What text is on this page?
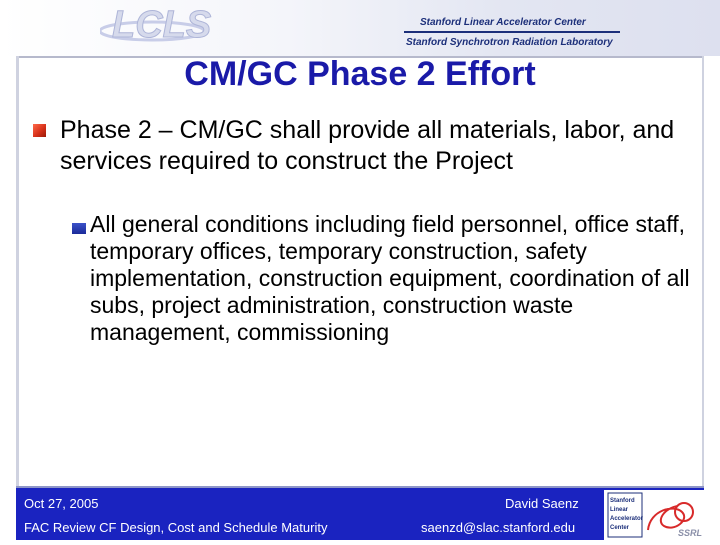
LCLS	Stanford Linear Accelerator Center
Stanford Synchrotron Radiation Laboratory
CM/GC Phase 2 Effort
Phase 2 – CM/GC shall provide all materials, labor, and services required to construct the Project
All general conditions including field personnel, office staff, temporary offices, temporary construction, safety implementation, construction equipment, coordination of all subs, project administration, construction waste management, commissioning
Oct 27, 2005
FAC Review CF Design, Cost and Schedule Maturity
David Saenz
saenzd@slac.stanford.edu
Stanford
Linear
Accelerator
Center	SSRL
